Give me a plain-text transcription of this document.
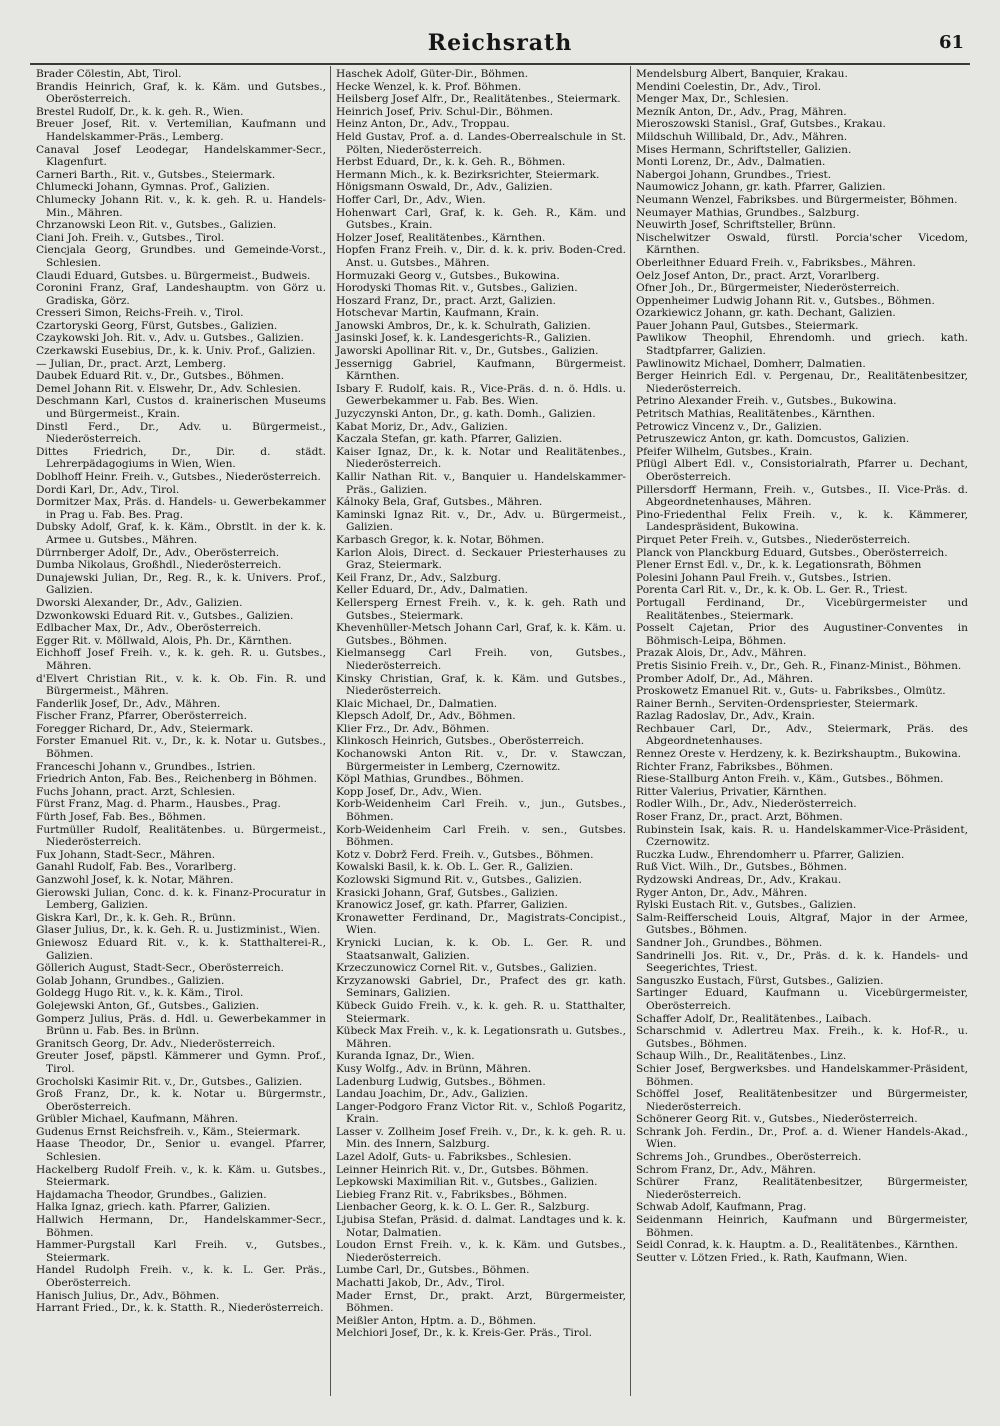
Reichsrath	61
Brader Cölestin, Abt, Tirol.
Brandis Heinrich, Graf, k. k. Käm. und Gutsbes., Oberösterreich.
Brestel Rudolf, Dr., k. k. geh. R., Wien.
Breuer Josef, Rit. v. Vertemilian, Kaufmann und Handelskammer-Präs., Lemberg.
Canaval Josef Leodegar, Handelskammer-Secr., Klagenfurt.
Carneri Barth., Rit. v., Gutsbes., Steiermark.
Chlumecki Johann, Gymnas. Prof., Galizien.
Chlumecky Johann Rit. v., k. k. geh. R. u. Handels-Min., Mähren.
Chrzanowski Leon Rit. v., Gutsbes., Galizien.
Ciani Joh. Freih. v., Gutsbes., Tirol.
Ciencjala Georg, Grundbes. und Gemeinde-Vorst., Schlesien.
Claudi Eduard, Gutsbes. u. Bürgermeist., Budweis.
Coronini Franz, Graf, Landeshauptm. von Görz u. Gradiska, Görz.
Cresseri Simon, Reichs-Freih. v., Tirol.
Czartoryski Georg, Fürst, Gutsbes., Galizien.
Czaykowski Joh. Rit. v., Adv. u. Gutsbes., Galizien.
Czerkawski Eusebius, Dr., k. k. Univ. Prof., Galizien.
— Julian, Dr., pract. Arzt, Lemberg.
Daubek Eduard Rit. v., Dr., Gutsbes., Böhmen.
Demel Johann Rit. v. Elswehr, Dr., Adv. Schlesien.
Deschmann Karl, Custos d. krainerischen Museums und Bürgermeist., Krain.
Dinstl Ferd., Dr., Adv. u. Bürgermeist., Niederösterreich.
Dittes Friedrich, Dr., Dir. d. städt. Lehrerpädagogiums in Wien, Wien.
Doblhoff Heinr. Freih. v., Gutsbes., Niederösterreich.
Dordi Karl, Dr., Adv., Tirol.
Dormitzer Max, Präs. d. Handels- u. Gewerbekammer in Prag u. Fab. Bes. Prag.
Dubsky Adolf, Graf, k. k. Käm., Obrstlt. in der k. k. Armee u. Gutsbes., Mähren.
Dürrnberger Adolf, Dr., Adv., Oberösterreich.
Dumba Nikolaus, Großhdl., Niederösterreich.
Dunajewski Julian, Dr., Reg. R., k. k. Univers. Prof., Galizien.
Dworski Alexander, Dr., Adv., Galizien.
Dzwonkowski Eduard Rit. v., Gutsbes., Galizien.
Edlbacher Max, Dr., Adv., Oberösterreich.
Egger Rit. v. Möllwald, Alois, Ph. Dr., Kärnthen.
Eichhoff Josef Freih. v., k. k. geh. R. u. Gutsbes., Mähren.
d'Elvert Christian Rit., v. k. k. Ob. Fin. R. und Bürgermeist., Mähren.
Fanderlik Josef, Dr., Adv., Mähren.
Fischer Franz, Pfarrer, Oberösterreich.
Foregger Richard, Dr., Adv., Steiermark.
Forster Emanuel Rit. v., Dr., k. k. Notar u. Gutsbes., Böhmen.
Franceschi Johann v., Grundbes., Istrien.
Friedrich Anton, Fab. Bes., Reichenberg in Böhmen.
Fuchs Johann, pract. Arzt, Schlesien.
Fürst Franz, Mag. d. Pharm., Hausbes., Prag.
Fürth Josef, Fab. Bes., Böhmen.
Furtmüller Rudolf, Realitätenbes. u. Bürgermeist., Niederösterreich.
Fux Johann, Stadt-Secr., Mähren.
Ganahl Rudolf, Fab. Bes., Vorarlberg.
Ganzwohl Josef, k. k. Notar, Mähren.
Gierowski Julian, Conc. d. k. k. Finanz-Procuratur in Lemberg, Galizien.
Giskra Karl, Dr., k. k. Geh. R., Brünn.
Glaser Julius, Dr., k. k. Geh. R. u. Justizminist., Wien.
Gniewosz Eduard Rit. v., k. k. Statthalterei-R., Galizien.
Göllerich August, Stadt-Secr., Oberösterreich.
Golab Johann, Grundbes., Galizien.
Goldegg Hugo Rit. v., k. k. Käm., Tirol.
Golejewski Anton, Gf., Gutsbes., Galizien.
Gomperz Julius, Präs. d. Hdl. u. Gewerbekammer in Brünn u. Fab. Bes. in Brünn.
Granitsch Georg, Dr. Adv., Niederösterreich.
Greuter Josef, päpstl. Kämmerer und Gymn. Prof., Tirol.
Grocholski Kasimir Rit. v., Dr., Gutsbes., Galizien.
Groß Franz, Dr., k. k. Notar u. Bürgermstr., Oberösterreich.
Grübler Michael, Kaufmann, Mähren.
Gudenus Ernst Reichsfreih. v., Käm., Steiermark.
Haase Theodor, Dr., Senior u. evangel. Pfarrer, Schlesien.
Hackelberg Rudolf Freih. v., k. k. Käm. u. Gutsbes., Steiermark.
Hajdamacha Theodor, Grundbes., Galizien.
Halka Ignaz, griech. kath. Pfarrer, Galizien.
Hallwich Hermann, Dr., Handelskammer-Secr., Böhmen.
Hammer-Purgstall Karl Freih. v., Gutsbes., Steiermark.
Handel Rudolph Freih. v., k. k. L. Ger. Präs., Oberösterreich.
Hanisch Julius, Dr., Adv., Böhmen.
Harrant Fried., Dr., k. k. Statth. R., Niederösterreich.
Haschek Adolf, Güter-Dir., Böhmen.
Hecke Wenzel, k. k. Prof. Böhmen.
Heilsberg Josef Alfr., Dr., Realitätenbes., Steiermark.
Heinrich Josef, Priv. Schul-Dir., Böhmen.
Heinz Anton, Dr., Adv., Troppau.
Held Gustav, Prof. a. d. Landes-Oberrealschule in St. Pölten, Niederösterreich.
Herbst Eduard, Dr., k. k. Geh. R., Böhmen.
Hermann Mich., k. k. Bezirksrichter, Steiermark.
Hönigsmann Oswald, Dr., Adv., Galizien.
Hoffer Carl, Dr., Adv., Wien.
Hohenwart Carl, Graf, k. k. Geh. R., Käm. und Gutsbes., Krain.
Holzer Josef, Realitätenbes., Kärnthen.
Hopfen Franz Freih. v., Dir. d. k. k. priv. Boden-Cred. Anst. u. Gutsbes., Mähren.
Hormuzaki Georg v., Gutsbes., Bukowina.
Horodyski Thomas Rit. v., Gutsbes., Galizien.
Hoszard Franz, Dr., pract. Arzt, Galizien.
Hotschevar Martin, Kaufmann, Krain.
Janowski Ambros, Dr., k. k. Schulrath, Galizien.
Jasinski Josef, k. k. Landesgerichts-R., Galizien.
Jaworski Apollinar Rit. v., Dr., Gutsbes., Galizien.
Jessernigg Gabriel, Kaufmann, Bürgermeist. Kärnthen.
Isbary F. Rudolf, kais. R., Vice-Präs. d. n. ö. Hdls. u. Gewerbekammer u. Fab. Bes. Wien.
Juzyczynski Anton, Dr., g. kath. Domh., Galizien.
Kabat Moriz, Dr., Adv., Galizien.
Kaczala Stefan, gr. kath. Pfarrer, Galizien.
Kaiser Ignaz, Dr., k. k. Notar und Realitätenbes., Niederösterreich.
Kallir Nathan Rit. v., Banquier u. Handelskammer-Präs., Galizien.
Kálnoky Bela, Graf, Gutsbes., Mähren.
Kaminski Ignaz Rit. v., Dr., Adv. u. Bürgermeist., Galizien.
Karbasch Gregor, k. k. Notar, Böhmen.
Karlon Alois, Direct. d. Seckauer Priesterhauses zu Graz, Steiermark.
Keil Franz, Dr., Adv., Salzburg.
Keller Eduard, Dr., Adv., Dalmatien.
Kellersperg Ernest Freih. v., k. k. geh. Rath und Gutsbes., Steiermark.
Khevenhüller-Metsch Johann Carl, Graf, k. k. Käm. u. Gutsbes., Böhmen.
Kielmansegg Carl Freih. von, Gutsbes., Niederösterreich.
Kinsky Christian, Graf, k. k. Käm. und Gutsbes., Niederösterreich.
Klaic Michael, Dr., Dalmatien.
Klepsch Adolf, Dr., Adv., Böhmen.
Klier Frz., Dr. Adv., Böhmen.
Klinkosch Heinrich, Gutsbes., Oberösterreich.
Kochanowski Anton Rit. v., Dr. v. Stawczan, Bürgermeister in Lemberg, Czernowitz.
Köpl Mathias, Grundbes., Böhmen.
Kopp Josef, Dr., Adv., Wien.
Korb-Weidenheim Carl Freih. v., jun., Gutsbes., Böhmen.
Korb-Weidenheim Carl Freih. v. sen., Gutsbes. Böhmen.
Kotz v. Dobrž Ferd. Freih. v., Gutsbes., Böhmen.
Kowalski Basil, k. k. Ob. L. Ger. R., Galizien.
Kozlowski Sigmund Rit. v., Gutsbes., Galizien.
Krasicki Johann, Graf, Gutsbes., Galizien.
Kranowicz Josef, gr. kath. Pfarrer, Galizien.
Kronawetter Ferdinand, Dr., Magistrats-Concipist., Wien.
Krynicki Lucian, k. k. Ob. L. Ger. R. und Staatsanwalt, Galizien.
Krzeczunowicz Cornel Rit. v., Gutsbes., Galizien.
Krzyzanowski Gabriel, Dr., Prafect des gr. kath. Seminars, Galizien.
Kübeck Guido Freih. v., k. k. geh. R. u. Statthalter, Steiermark.
Kübeck Max Freih. v., k. k. Legationsrath u. Gutsbes., Mähren.
Kuranda Ignaz, Dr., Wien.
Kusy Wolfg., Adv. in Brünn, Mähren.
Ladenburg Ludwig, Gutsbes., Böhmen.
Landau Joachim, Dr., Adv., Galizien.
Langer-Podgoro Franz Victor Rit. v., Schloß Pogaritz, Krain.
Lasser v. Zollheim Josef Freih. v., Dr., k. k. geh. R. u. Min. des Innern, Salzburg.
Lazel Adolf, Guts- u. Fabriksbes., Schlesien.
Leinner Heinrich Rit. v., Dr., Gutsbes. Böhmen.
Lepkowski Maximilian Rit. v., Gutsbes., Galizien.
Liebieg Franz Rit. v., Fabriksbes., Böhmen.
Lienbacher Georg, k. k. O. L. Ger. R., Salzburg.
Ljubisa Stefan, Präsid. d. dalmat. Landtages und k. k. Notar, Dalmatien.
Loudon Ernst Freih. v., k. k. Käm. und Gutsbes., Niederösterreich.
Lumbe Carl, Dr., Gutsbes., Böhmen.
Machatti Jakob, Dr., Adv., Tirol.
Mader Ernst, Dr., prakt. Arzt, Bürgermeister, Böhmen.
Meißler Anton, Hptm. a. D., Böhmen.
Melchiori Josef, Dr., k. k. Kreis-Ger. Präs., Tirol.
Mendelsburg Albert, Banquier, Krakau.
Mendini Coelestin, Dr., Adv., Tirol.
Menger Max, Dr., Schlesien.
Mezník Anton, Dr., Adv., Prag, Mähren.
Mieroszowski Stanisl., Graf, Gutsbes., Krakau.
Mildschuh Willibald, Dr., Adv., Mähren.
Mises Hermann, Schriftsteller, Galizien.
Monti Lorenz, Dr., Adv., Dalmatien.
Nabergoi Johann, Grundbes., Triest.
Naumowicz Johann, gr. kath. Pfarrer, Galizien.
Neumann Wenzel, Fabriksbes. und Bürgermeister, Böhmen.
Neumayer Mathias, Grundbes., Salzburg.
Neuwirth Josef, Schriftsteller, Brünn.
Nischelwitzer Oswald, fürstl. Porcia'scher Vicedom, Kärnthen.
Oberleithner Eduard Freih. v., Fabriksbes., Mähren.
Oelz Josef Anton, Dr., pract. Arzt, Vorarlberg.
Ofner Joh., Dr., Bürgermeister, Niederösterreich.
Oppenheimer Ludwig Johann Rit. v., Gutsbes., Böhmen.
Ozarkiewicz Johann, gr. kath. Dechant, Galizien.
Pauer Johann Paul, Gutsbes., Steiermark.
Pawlikow Theophil, Ehrendomh. und griech. kath. Stadtpfarrer, Galizien.
Pawlinowitz Michael, Domherr, Dalmatien.
Berger Heinrich Edl. v. Pergenau, Dr., Realitätenbesitzer, Niederösterreich.
Petrino Alexander Freih. v., Gutsbes., Bukowina.
Petritsch Mathias, Realitätenbes., Kärnthen.
Petrowicz Vincenz v., Dr., Galizien.
Petruszewicz Anton, gr. kath. Domcustos, Galizien.
Pfeifer Wilhelm, Gutsbes., Krain.
Pflügl Albert Edl. v., Consistorialrath, Pfarrer u. Dechant, Oberösterreich.
Pillersdorff Hermann, Freih. v., Gutsbes., II. Vice-Präs. d. Abgeordnetenhauses, Mähren.
Pino-Friedenthal Felix Freih. v., k. k. Kämmerer, Landespräsident, Bukowina.
Pirquet Peter Freih. v., Gutsbes., Niederösterreich.
Planck von Planckburg Eduard, Gutsbes., Oberösterreich.
Plener Ernst Edl. v., Dr., k. k. Legationsrath, Böhmen
Polesini Johann Paul Freih. v., Gutsbes., Istrien.
Porenta Carl Rit. v., Dr., k. k. Ob. L. Ger. R., Triest.
Portugall Ferdinand, Dr., Vicebürgermeister und Realitätenbes., Steiermark.
Posselt Cajetan, Prior des Augustiner-Conventes in Böhmisch-Leipa, Böhmen.
Prazak Alois, Dr., Adv., Mähren.
Pretis Sisinio Freih. v., Dr., Geh. R., Finanz-Minist., Böhmen.
Promber Adolf, Dr., Ad., Mähren.
Proskowetz Emanuel Rit. v., Guts- u. Fabriksbes., Olmütz.
Rainer Bernh., Serviten-Ordenspriester, Steiermark.
Razlag Radoslav, Dr., Adv., Krain.
Rechbauer Carl, Dr., Adv., Steiermark, Präs. des Abgeordnetenhauses.
Rennez Oreste v. Herdzeny, k. k. Bezirkshauptm., Bukowina.
Richter Franz, Fabriksbes., Böhmen.
Riese-Stallburg Anton Freih. v., Käm., Gutsbes., Böhmen.
Ritter Valerius, Privatier, Kärnthen.
Rodler Wilh., Dr., Adv., Niederösterreich.
Roser Franz, Dr., pract. Arzt, Böhmen.
Rubinstein Isak, kais. R. u. Handelskammer-Vice-Präsident, Czernowitz.
Ruczka Ludw., Ehrendomherr u. Pfarrer, Galizien.
Ruß Vict. Wilh., Dr., Gutsbes., Böhmen.
Rydzowski Andreas, Dr., Adv., Krakau.
Ryger Anton, Dr., Adv., Mähren.
Rylski Eustach Rit. v., Gutsbes., Galizien.
Salm-Reifferscheid Louis, Altgraf, Major in der Armee, Gutsbes., Böhmen.
Sandner Joh., Grundbes., Böhmen.
Sandrinelli Jos. Rit. v., Dr., Präs. d. k. k. Handels- und Seegerichtes, Triest.
Sanguszko Eustach, Fürst, Gutsbes., Galizien.
Sartinger Eduard, Kaufmann u. Vicebürgermeister, Oberösterreich.
Schaffer Adolf, Dr., Realitätenbes., Laibach.
Scharschmid v. Adlertreu Max. Freih., k. k. Hof-R., u. Gutsbes., Böhmen.
Schaup Wilh., Dr., Realitätenbes., Linz.
Schier Josef, Bergwerksbes. und Handelskammer-Präsident, Böhmen.
Schöffel Josef, Realitätenbesitzer und Bürgermeister, Niederösterreich.
Schönerer Georg Rit. v., Gutsbes., Niederösterreich.
Schrank Joh. Ferdin., Dr., Prof. a. d. Wiener Handels-Akad., Wien.
Schrems Joh., Grundbes., Oberösterreich.
Schrom Franz, Dr., Adv., Mähren.
Schürer Franz, Realitätenbesitzer, Bürgermeister, Niederösterreich.
Schwab Adolf, Kaufmann, Prag.
Seidenmann Heinrich, Kaufmann und Bürgermeister, Böhmen.
Seidl Conrad, k. k. Hauptm. a. D., Realitätenbes., Kärnthen.
Seutter v. Lötzen Fried., k. Rath, Kaufmann, Wien.
